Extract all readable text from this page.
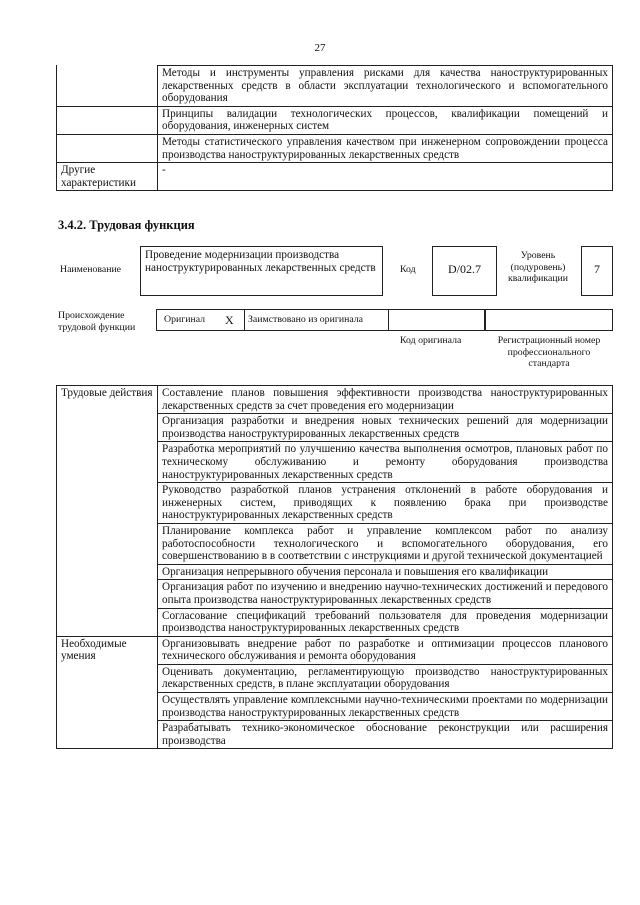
27
	Методы и инструменты управления рисками для качества наноструктурированных лекарственных средств в области эксплуатации технологического и вспомогательного оборудования
	Принципы валидации технологических процессов, квалификации помещений и оборудования, инженерных систем
	Методы статистического управления качеством при инженерном сопровождении процесса производства наноструктурированных лекарственных средств
Другие характеристики	-
3.4.2. Трудовая функция
Наименование
Проведение модернизации производства наноструктурированных лекарственных средств	Код	D/02.7
Уровень (подуровень) квалификации
7
Происхождение трудовой функции
Оригинал X	Заимствовано из оригинала
Код оригинала	Регистрационный номер профессионального стандарта
Трудовые действия	Составление планов повышения эффективности производства наноструктурированных лекарственных средств за счет проведения его модернизации
	Организация разработки и внедрения новых технических решений для модернизации производства наноструктурированных лекарственных средств
	Разработка мероприятий по улучшению качества выполнения осмотров, плановых работ по техническому обслуживанию и ремонту оборудования производства наноструктурированных лекарственных средств
	Руководство разработкой планов устранения отклонений в работе оборудования и инженерных систем, приводящих к появлению брака при производстве наноструктурированных лекарственных средств
	Планирование комплекса работ и управление комплексом работ по анализу работоспособности технологического и вспомогательного оборудования, его совершенствованию в в соответствии с инструкциями и другой технической документацией
	Организация непрерывного обучения персонала и повышения его квалификации
	Организация работ по изучению и внедрению научно-технических достижений и передового опыта производства наноструктурированных лекарственных средств
	Согласование спецификаций требований пользователя для проведения модернизации производства наноструктурированных лекарственных средств
Необходимые умения	Организовывать внедрение работ по разработке и оптимизации процессов планового технического обслуживания и ремонта оборудования
	Оценивать документацию, регламентирующую производство наноструктурированных лекарственных средств, в плане эксплуатации оборудования
	Осуществлять управление комплексными научно-техническими проектами по модернизации производства наноструктурированных лекарственных средств
	Разрабатывать технико-экономическое обоснование реконструкции или расширения производства
